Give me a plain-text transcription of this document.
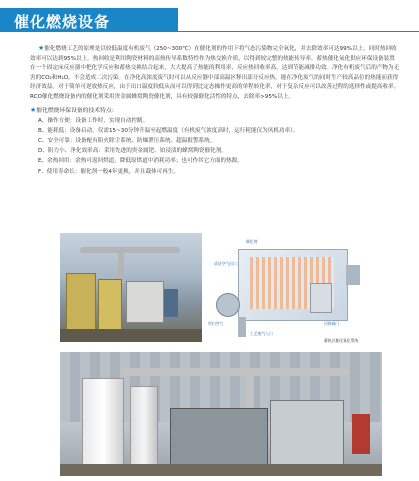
催化燃烧设备

★催化燃烧工艺的原理是以较低温度有机废气（250~300℃）在催化剂的作用下将气态污染物完全氧化，并去除效率可达99%以上，同时热回收效率可以达到95%以上。热回收是利用陶瓷材料的高热传导系数特性作为热交换介质，以得到较完整的热能传导率。蓄热催化氧化供应环保设备装置在一个固定床反应器中把化学反应和蓄热交换结合起来，大大提高了热能的利用率，反应热回收率高，达到节能减排功效。净化有机废气后的产物为无害的CO₂和H₂O，不会造成二次污染。在净化高浓度废气时可以从反应器中部高温区释出部分反应热，能在净化废气的同时生产较高品位的热能而获得经济效益。对于简单可逆放热反应，由于出口温度较低从而可以得到比定态操作更高的单程转化率，对于复杂反应可以改善过程的选择性或提高收率。RCO催化燃烧设备内的催化剂采用贵金属蜂窝陶瓷催化剂，具有较强催化活性的特点，去除率>95%以上。

★催化燃烧环保设备的技术特点：
A、操作方便：设备工作时，实现自动控制。
B、能耗低：设备启动，仅需15~30分钟升温至起燃温度（有机废气浓度高时，运行耗能仅为风机功率）。
C、安全可靠：设备配有阻火除尘系统、防爆泄压系统、超温报警系统。
D、阻力小、净化效率高：采用先进的贵金属钯、铂浸渍的蜂窝陶瓷催化剂。
E、余热回用：余热可返回烘道，降低原烘道中消耗功率；也可作其它方面的热源。
F、使用寿命长：催化剂一般4年更换，并且载体可再生。
催化剂
清洁空气出口
吹扫空气
工艺废气入口
切换阀门
蓄热式催化氧化系统
